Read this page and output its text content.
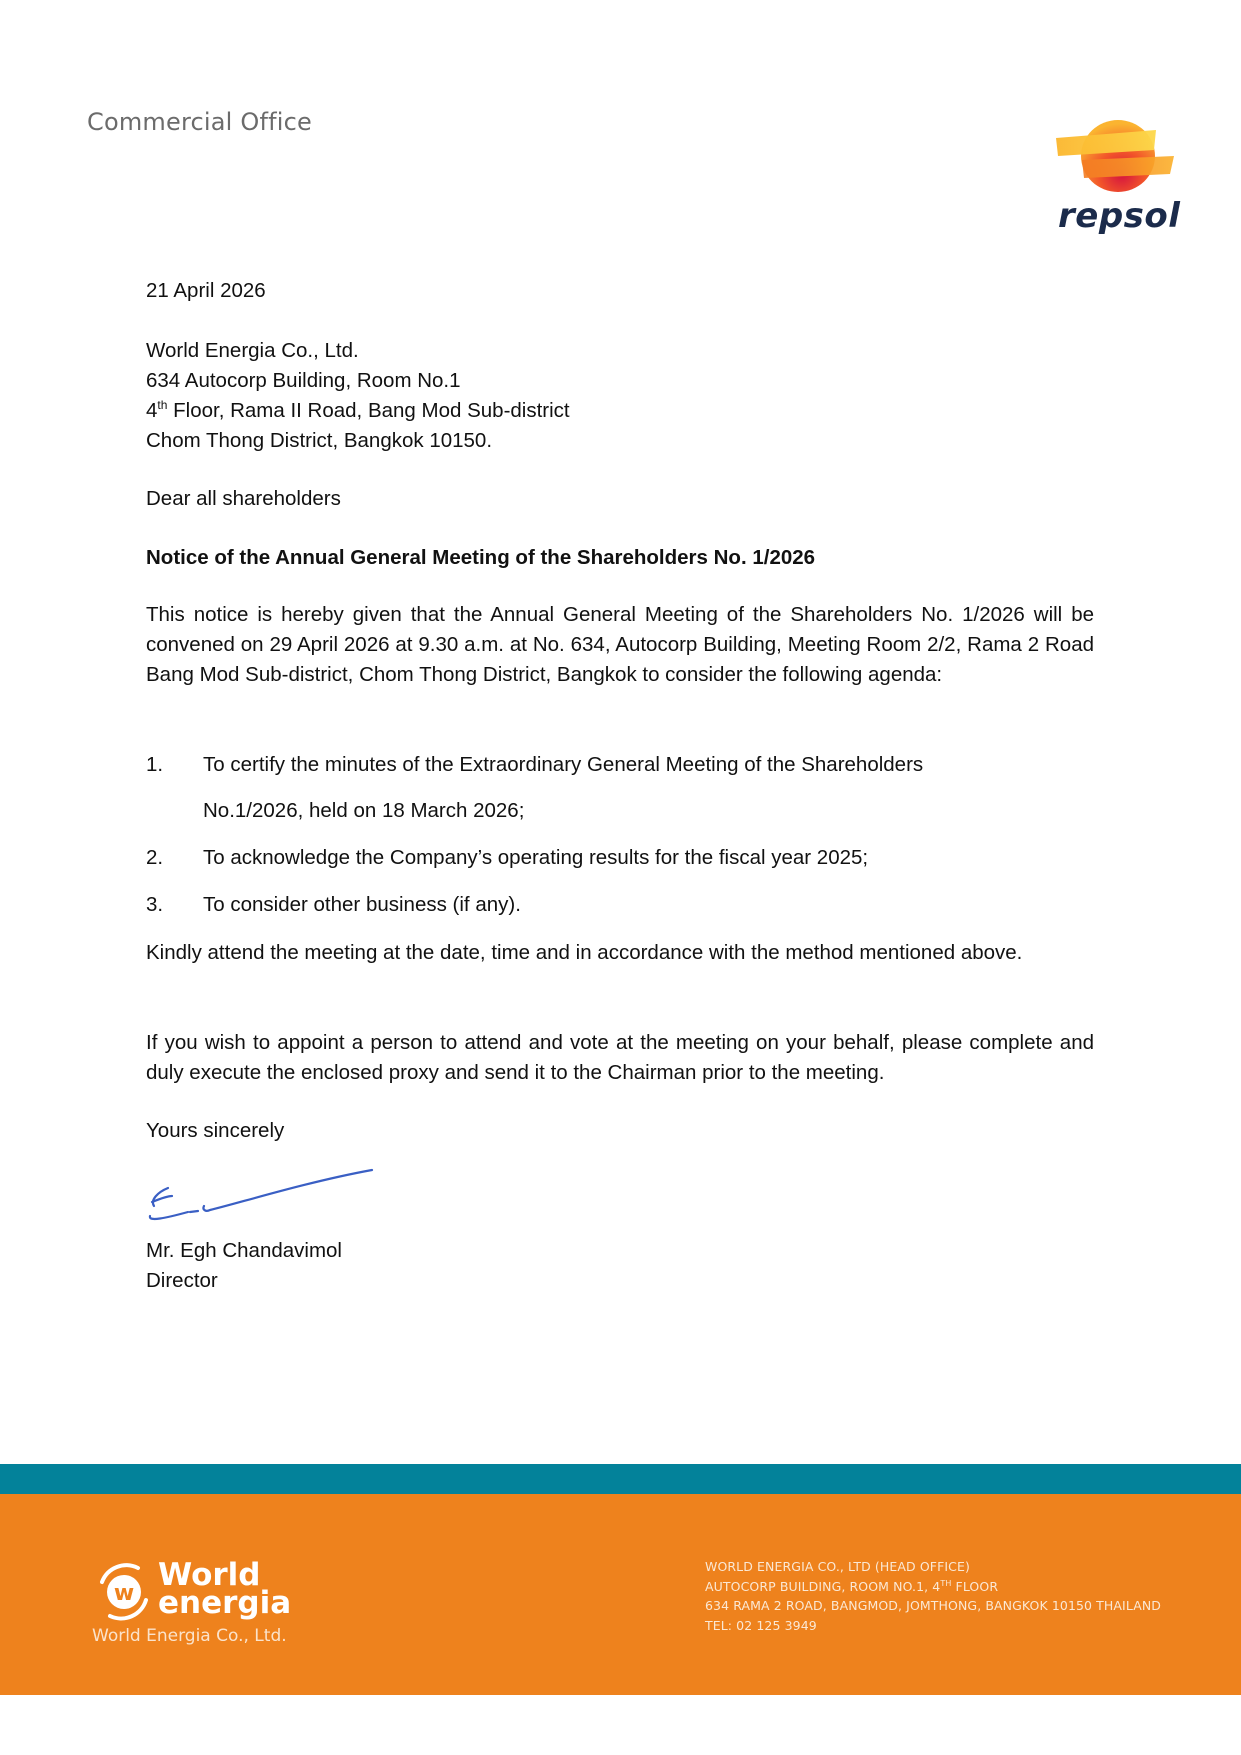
Commercial Office
repsol
21 April 2026
World Energia Co., Ltd.
634 Autocorp Building, Room No.1
4th Floor, Rama II Road, Bang Mod Sub-district
Chom Thong District, Bangkok 10150.
Dear all shareholders
Notice of the Annual General Meeting of the Shareholders No. 1/2026
This notice is hereby given that the Annual General Meeting of the Shareholders No. 1/2026 will be convened on 29 April 2026 at 9.30 a.m. at No. 634, Autocorp Building, Meeting Room 2/2, Rama 2 Road Bang Mod Sub-district, Chom Thong District, Bangkok to consider the following agenda:
1. To certify the minutes of the Extraordinary General Meeting of the Shareholders
No.1/2026, held on 18 March 2026;
2. To acknowledge the Company’s operating results for the fiscal year 2025;
3. To consider other business (if any).
Kindly attend the meeting at the date, time and in accordance with the method mentioned above.
If you wish to appoint a person to attend and vote at the meeting on your behalf, please complete and duly execute the enclosed proxy and send it to the Chairman prior to the meeting.
Yours sincerely
Mr. Egh Chandavimol
Director
w
World
energia
World Energia Co., Ltd.
WORLD ENERGIA CO., LTD (HEAD OFFICE)
AUTOCORP BUILDING, ROOM NO.1, 4TH FLOOR
634 RAMA 2 ROAD, BANGMOD, JOMTHONG, BANGKOK 10150 THAILAND
TEL: 02 125 3949
